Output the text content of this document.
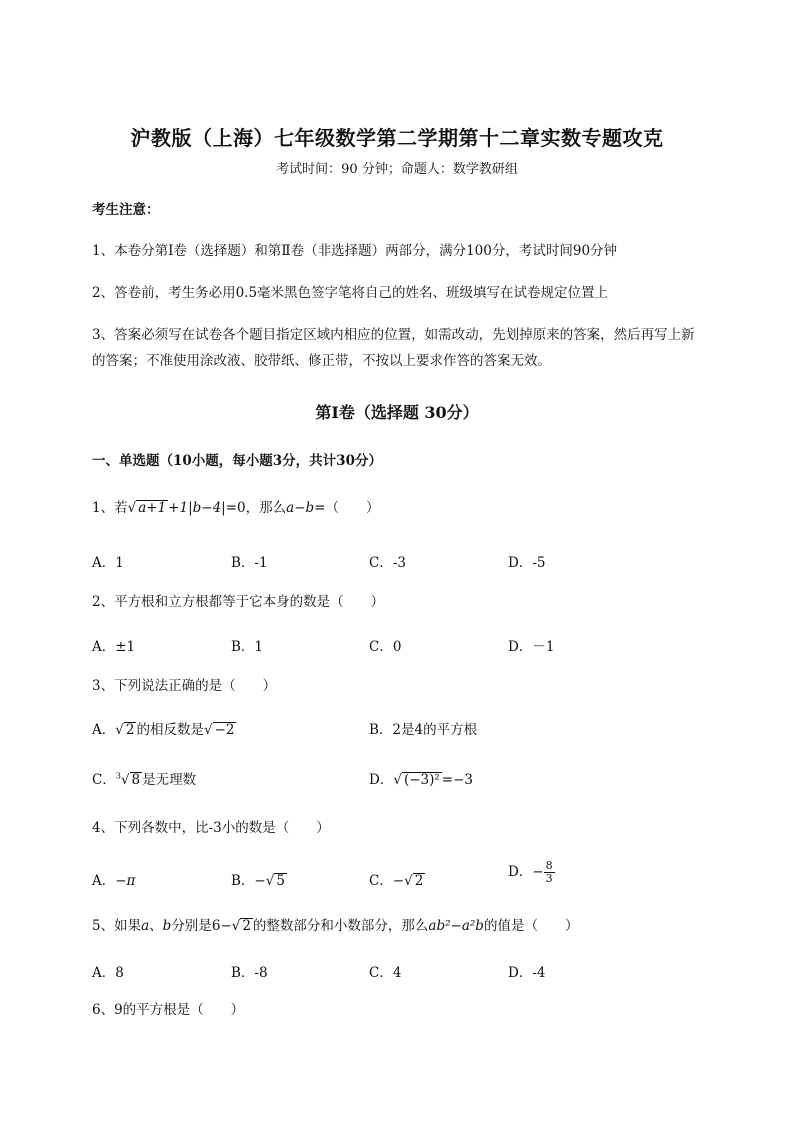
沪教版（上海）七年级数学第二学期第十二章实数专题攻克
考试时间：90 分钟；命题人：数学教研组
考生注意：
1、本卷分第I卷（选择题）和第Ⅱ卷（非选择题）两部分，满分100分，考试时间90分钟
2、答卷前，考生务必用0.5毫米黑色签字笔将自己的姓名、班级填写在试卷规定位置上
3、答案必须写在试卷各个题目指定区域内相应的位置，如需改动，先划掉原来的答案，然后再写上新
的答案；不准使用涂改液、胶带纸、修正带，不按以上要求作答的答案无效。
第I卷（选择题 30分）
一、单选题（10小题，每小题3分，共计30分）
1、若√ a+1 +1|b−4|=0，那么a−b=（　　）
A．1	B．-1	C．-3	D．-5
2、平方根和立方根都等于它本身的数是（　　）
A．±1	B．1	C．0	D．－1
3、下列说法正确的是（　　）
A．√ 2 的相反数是√ −2	B．2是4的平方根
C．$^3$√ 8 是无理数	D．√ (−3)² =−3
4、下列各数中，比-3小的数是（　　）
A．−π	B．−√ 5	C．−√ 2
D．− $\frac{8}{3}$
5、如果a、b分别是6−√ 2 的整数部分和小数部分，那么ab²−a²b的值是（　　）
A．8	B．-8	C．4	D．-4
6、9的平方根是（　　）
